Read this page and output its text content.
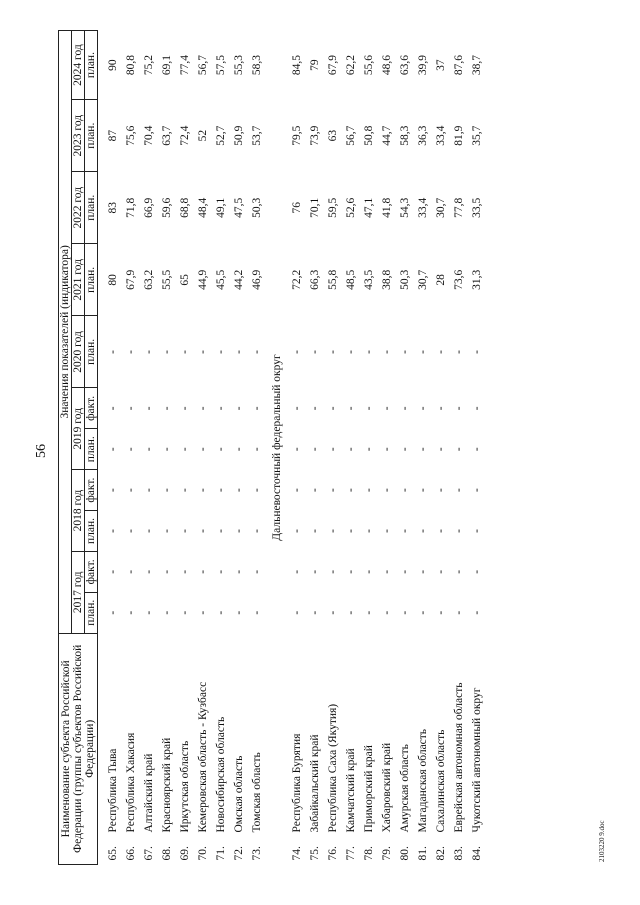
56
Наименование субъекта Российской Федерации (группы субъектов Российской Федерации)		Значения показателей (индикатора)										
		2017 год		2018 год		2019 год		2020 год	2021 год	2022 год	2023 год	2024 год
		план.	факт.	план.	факт.	план.	факт.	план.	план.	план.	план.	план.

65.	Республика Тыва	-	-	-	-	-	-	-	80	83	87	90
66.	Республика Хакасия	-	-	-	-	-	-	-	67,9	71,8	75,6	80,8
67.	Алтайский край	-	-	-	-	-	-	-	63,2	66,9	70,4	75,2
68.	Красноярский край	-	-	-	-	-	-	-	55,5	59,6	63,7	69,1
69.	Иркутская область	-	-	-	-	-	-	-	65	68,8	72,4	77,4
70.	Кемеровская область - Кузбасс	-	-	-	-	-	-	-	44,9	48,4	52	56,7
71.	Новосибирская область	-	-	-	-	-	-	-	45,5	49,1	52,7	57,5
72.	Омская область	-	-	-	-	-	-	-	44,2	47,5	50,9	55,3
73.	Томская область	-	-	-	-	-	-	-	46,9	50,3	53,7	58,3
Дальневосточный федеральный округ												
74.	Республика Бурятия	-	-	-	-	-	-	-	72,2	76	79,5	84,5
75.	Забайкальский край	-	-	-	-	-	-	-	66,3	70,1	73,9	79
76.	Республика Саха (Якутия)	-	-	-	-	-	-	-	55,8	59,5	63	67,9
77.	Камчатский край	-	-	-	-	-	-	-	48,5	52,6	56,7	62,2
78.	Приморский край	-	-	-	-	-	-	-	43,5	47,1	50,8	55,6
79.	Хабаровский край	-	-	-	-	-	-	-	38,8	41,8	44,7	48,6
80.	Амурская область	-	-	-	-	-	-	-	50,3	54,3	58,3	63,6
81.	Магаданская область	-	-	-	-	-	-	-	30,7	33,4	36,3	39,9
82.	Сахалинская область	-	-	-	-	-	-	-	28	30,7	33,4	37
83.	Еврейская автономная область	-	-	-	-	-	-	-	73,6	77,8	81,9	87,6
84.	Чукотский автономный округ	-	-	-	-	-	-	-	31,3	33,5	35,7	38,7
2103220 9.doc
